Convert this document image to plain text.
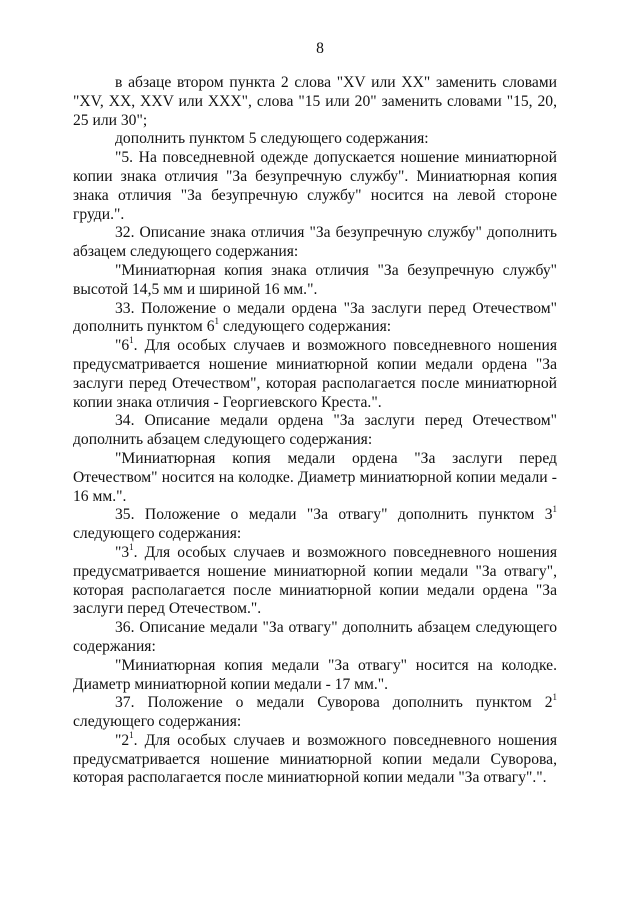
8

в абзаце втором пункта 2 слова "XV или XX" заменить словами "XV, XX, XXV или XXX", слова "15 или 20" заменить словами "15, 20, 25 или 30";

дополнить пунктом 5 следующего содержания:

"5. На повседневной одежде допускается ношение миниатюрной копии знака отличия "За безупречную службу". Миниатюрная копия знака отличия "За безупречную службу" носится на левой стороне груди.".

32. Описание знака отличия "За безупречную службу" дополнить абзацем следующего содержания:

"Миниатюрная копия знака отличия "За безупречную службу" высотой 14,5 мм и шириной 16 мм.".

33. Положение о медали ордена "За заслуги перед Отечеством" дополнить пунктом $6^1$ следующего содержания:

"$6^1$. Для особых случаев и возможного повседневного ношения предусматривается ношение миниатюрной копии медали ордена "За заслуги перед Отечеством", которая располагается после миниатюрной копии знака отличия - Георгиевского Креста.".

34. Описание медали ордена "За заслуги перед Отечеством" дополнить абзацем следующего содержания:

"Миниатюрная копия медали ордена "За заслуги перед Отечеством" носится на колодке. Диаметр миниатюрной копии медали - 16 мм.".

35. Положение о медали "За отвагу" дополнить пунктом $3^1$ следующего содержания:

"$3^1$. Для особых случаев и возможного повседневного ношения предусматривается ношение миниатюрной копии медали "За отвагу", которая располагается после миниатюрной копии медали ордена "За заслуги перед Отечеством.".

36. Описание медали "За отвагу" дополнить абзацем следующего содержания:

"Миниатюрная копия медали "За отвагу" носится на колодке. Диаметр миниатюрной копии медали - 17 мм.".

37. Положение о медали Суворова дополнить пунктом $2^1$ следующего содержания:

"$2^1$. Для особых случаев и возможного повседневного ношения предусматривается ношение миниатюрной копии медали Суворова, которая располагается после миниатюрной копии медали "За отвагу".".
